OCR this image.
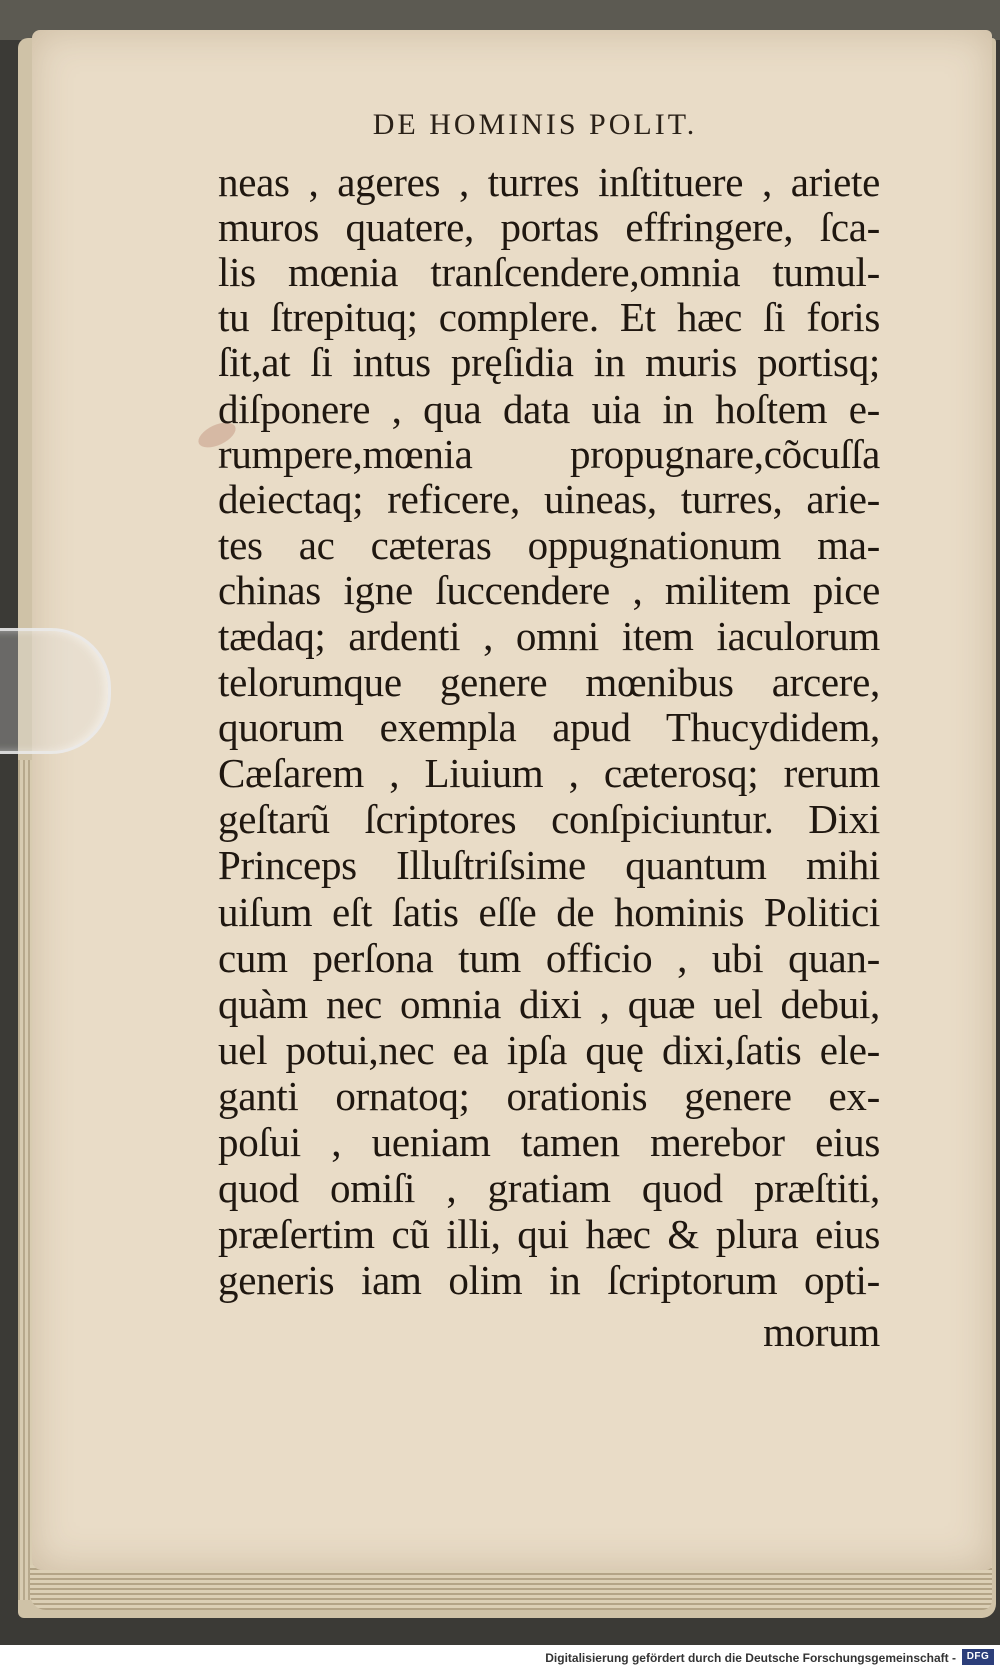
DE HOMINIS POLIT.
neas , ageres , turres inſtituere , ariete
muros quatere, portas effringere, ſca-
lis mœnia tranſcendere,omnia tumul-
tu ſtrepituq; complere. Et hæc ſi foris
ſit,at ſi intus pręſidia in muris portisq;
diſponere , qua data uia in hoſtem e-
rumpere,mœnia propugnare,cõcuſſa
deiectaq; reficere, uineas, turres, arie-
tes ac cæteras oppugnationum ma-
chinas igne ſuccendere , militem pice
tædaq; ardenti , omni item iaculorum
telorumque genere mœnibus arcere,
quorum exempla apud Thucydidem,
Cæſarem , Liuium , cæterosq; rerum
geſtarũ ſcriptores conſpiciuntur. Dixi
Princeps Illuſtriſsime quantum mihi
uiſum eſt ſatis eſſe de hominis Politici
cum perſona tum officio , ubi quan-
quàm nec omnia dixi , quæ uel debui,
uel potui,nec ea ipſa quę dixi,ſatis ele-
ganti ornatoq; orationis genere ex-
poſui , ueniam tamen merebor eius
quod omiſi , gratiam quod præſtiti,
præſertim cũ illi, qui hæc & plura eius
generis iam olim in ſcriptorum opti-
morum
Digitalisierung gefördert durch die Deutsche Forschungsgemeinschaft -	DFG
